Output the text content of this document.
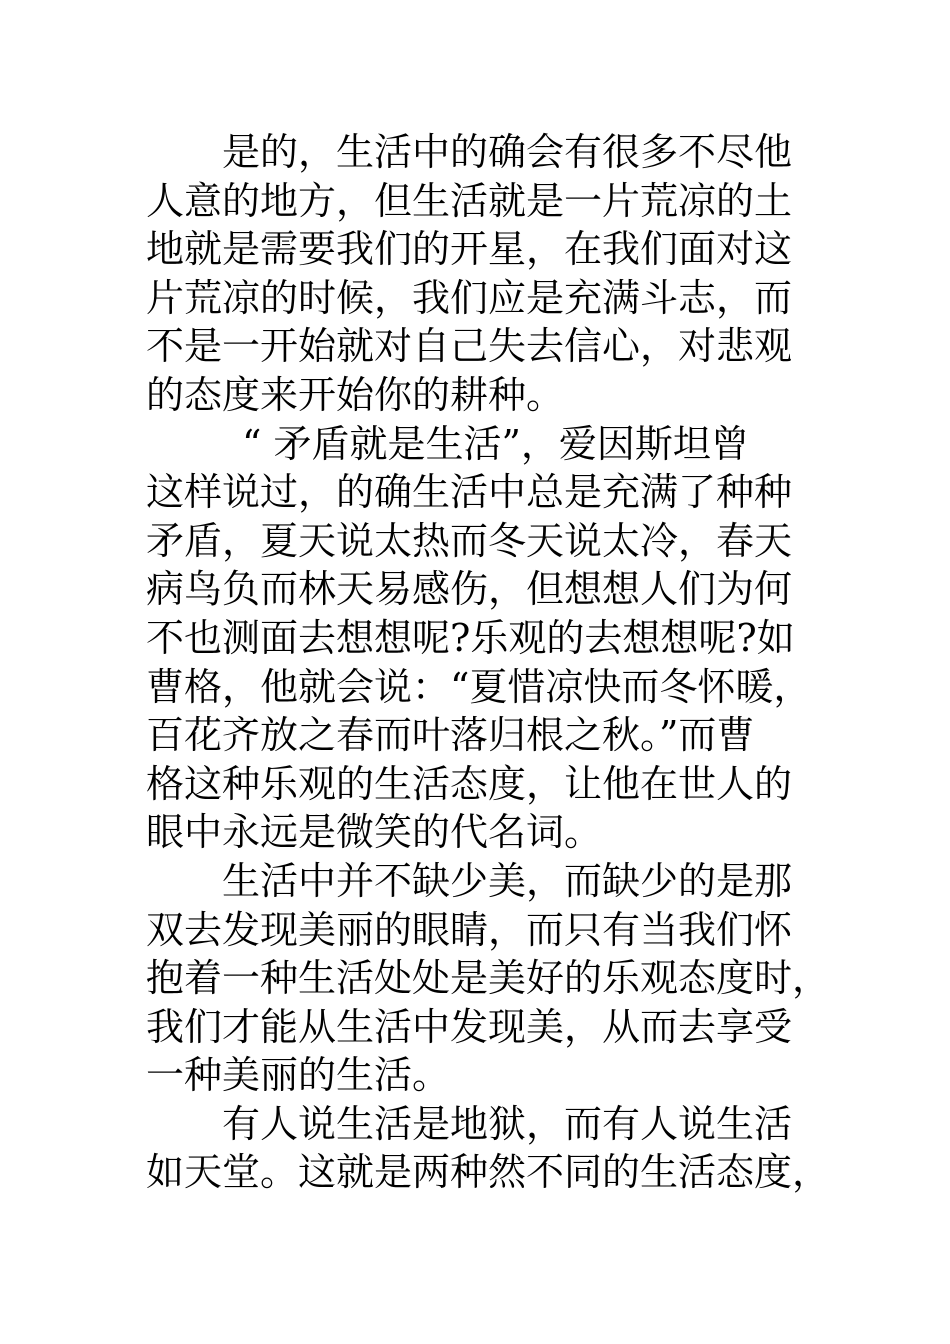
是的，生活中的确会有很多不尽他
人意的地方，但生活就是一片荒凉的土
地就是需要我们的开星，在我们面对这
片荒凉的时候，我们应是充满斗志，而
不是一开始就对自己失去信心，对悲观
的态度来开始你的耕种。
“ 矛盾就是生活”，爱因斯坦曾
这样说过，的确生活中总是充满了种种
矛盾，夏天说太热而冬天说太冷，春天
病鸟负而林天易感伤，但想想人们为何
不也测面去想想呢?乐观的去想想呢?如
曹格，他就会说：“夏惜凉快而冬怀暖，
百花齐放之春而叶落归根之秋。”而曹
格这种乐观的生活态度，让他在世人的
眼中永远是微笑的代名词。
生活中并不缺少美，而缺少的是那
双去发现美丽的眼睛，而只有当我们怀
抱着一种生活处处是美好的乐观态度时，
我们才能从生活中发现美，从而去享受
一种美丽的生活。
有人说生活是地狱，而有人说生活
如天堂。这就是两种然不同的生活态度，
